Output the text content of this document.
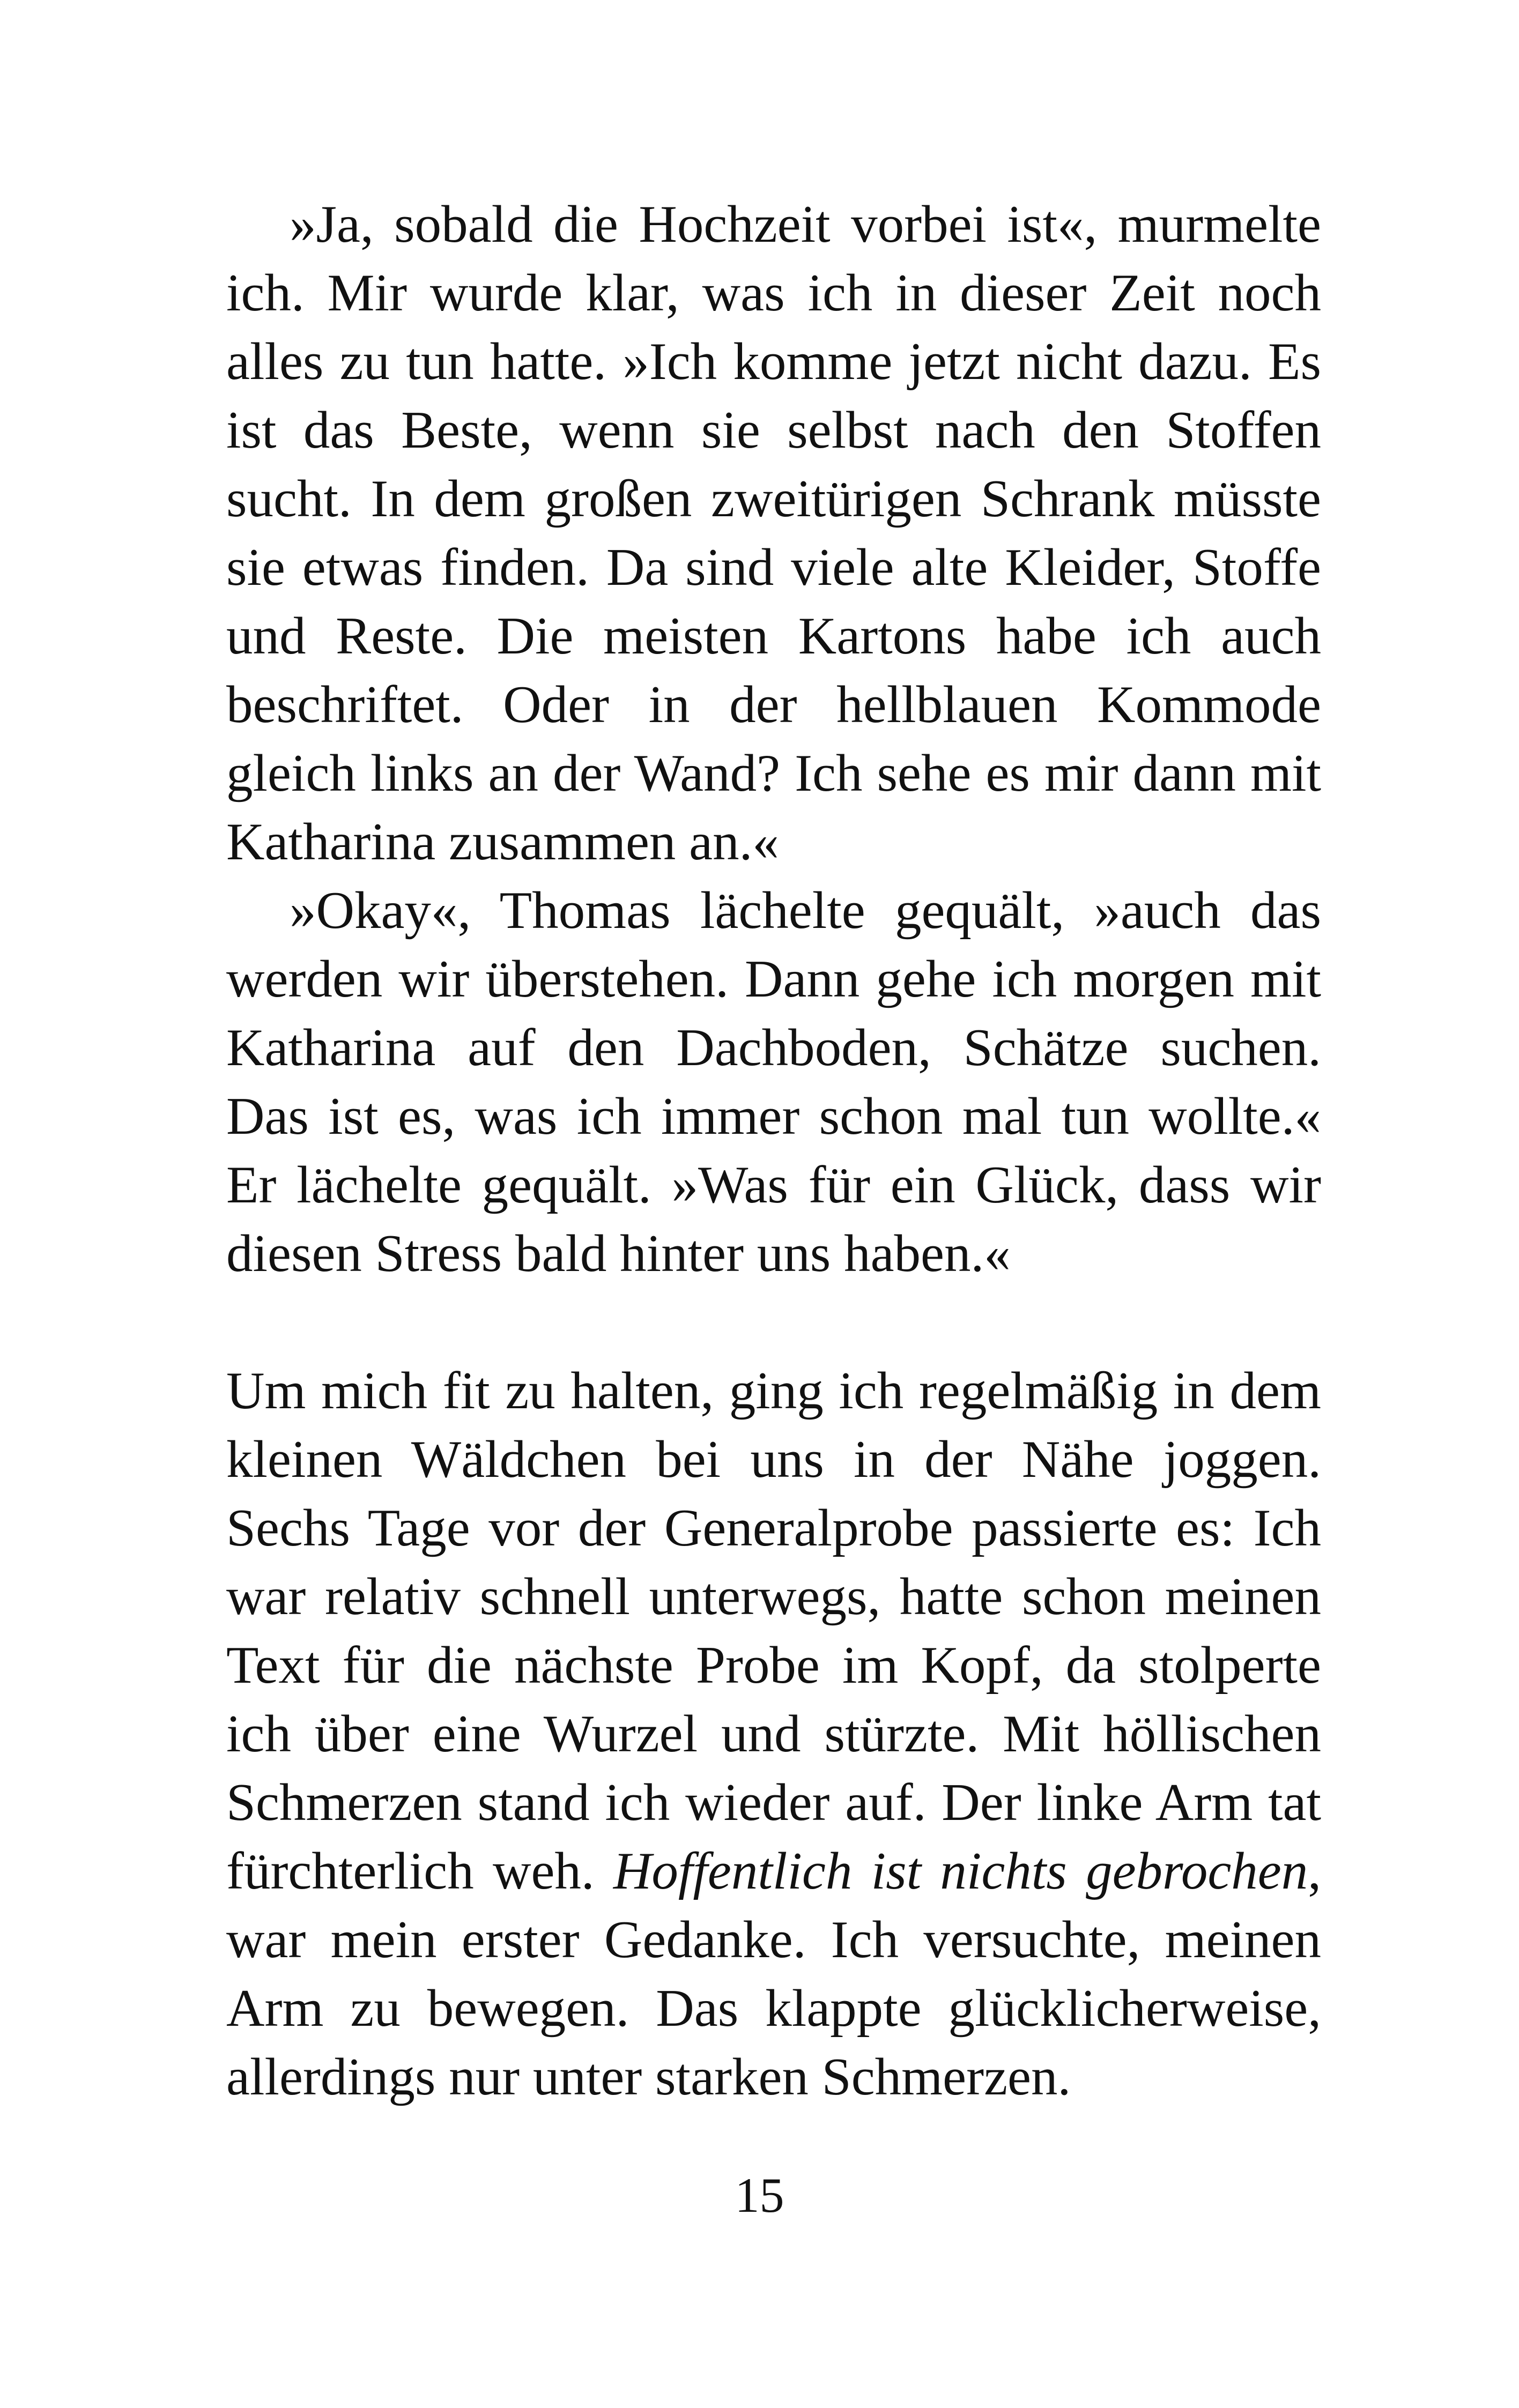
»Ja, sobald die Hochzeit vorbei ist«, murmelte ich. Mir wurde klar, was ich in dieser Zeit noch alles zu tun hatte. »Ich komme jetzt nicht dazu. Es ist das Beste, wenn sie selbst nach den Stoffen sucht. In dem großen zweitürigen Schrank müsste sie etwas finden. Da sind viele alte Kleider, Stoffe und Reste. Die meisten Kartons habe ich auch beschriftet. Oder in der hellblauen Kommode gleich links an der Wand? Ich sehe es mir dann mit Katharina zusammen an.«

»Okay«, Thomas lächelte gequält, »auch das werden wir überstehen. Dann gehe ich morgen mit Katharina auf den Dachboden, Schätze suchen. Das ist es, was ich immer schon mal tun wollte.« Er lächelte gequält. »Was für ein Glück, dass wir diesen Stress bald hinter uns haben.«

Um mich fit zu halten, ging ich regelmäßig in dem kleinen Wäldchen bei uns in der Nähe joggen. Sechs Tage vor der Generalprobe passierte es: Ich war relativ schnell unterwegs, hatte schon meinen Text für die nächste Probe im Kopf, da stolperte ich über eine Wurzel und stürzte. Mit höllischen Schmerzen stand ich wieder auf. Der linke Arm tat fürchterlich weh. Hoffentlich ist nichts gebrochen, war mein erster Gedanke. Ich versuchte, meinen Arm zu bewegen. Das klappte glücklicherweise, allerdings nur unter starken Schmerzen.

15
